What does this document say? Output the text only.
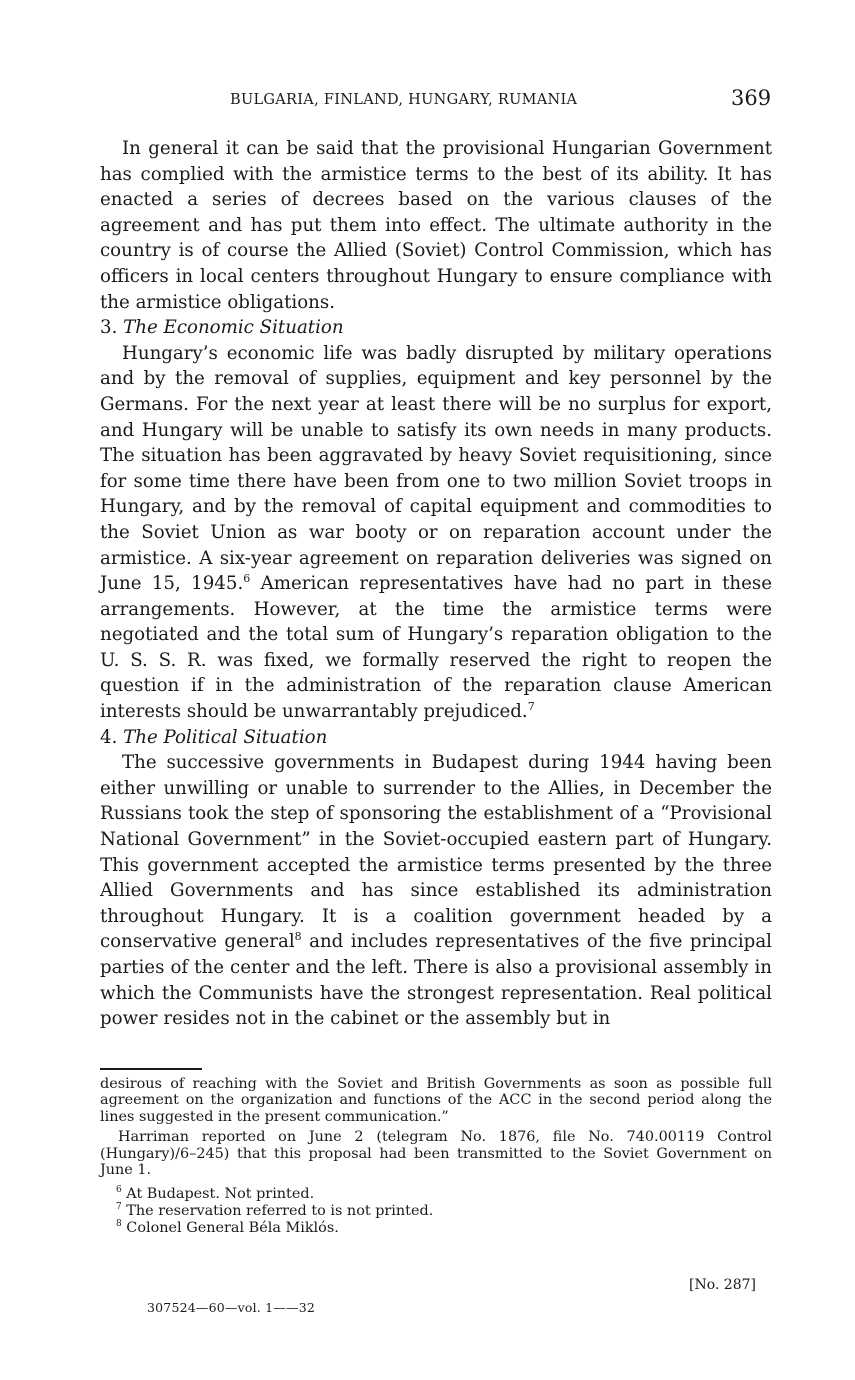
BULGARIA, FINLAND, HUNGARY, RUMANIA	369

In general it can be said that the provisional Hungarian Government has complied with the armistice terms to the best of its ability. It has enacted a series of decrees based on the various clauses of the agreement and has put them into effect. The ultimate authority in the country is of course the Allied (Soviet) Control Commission, which has officers in local centers throughout Hungary to ensure compliance with the armistice obligations.

3. The Economic Situation

Hungary’s economic life was badly disrupted by military operations and by the removal of supplies, equipment and key personnel by the Germans. For the next year at least there will be no surplus for export, and Hungary will be unable to satisfy its own needs in many products. The situation has been aggravated by heavy Soviet requisitioning, since for some time there have been from one to two million Soviet troops in Hungary, and by the removal of capital equipment and commodities to the Soviet Union as war booty or on reparation account under the armistice. A six-year agreement on reparation deliveries was signed on June 15, 1945.$^6$ American representatives have had no part in these arrangements. However, at the time the armistice terms were negotiated and the total sum of Hungary’s reparation obligation to the U. S. S. R. was fixed, we formally reserved the right to reopen the question if in the administration of the reparation clause American interests should be unwarrantably prejudiced.$^7$

4. The Political Situation

The successive governments in Budapest during 1944 having been either unwilling or unable to surrender to the Allies, in December the Russians took the step of sponsoring the establishment of a “Provisional National Government” in the Soviet-occupied eastern part of Hungary. This government accepted the armistice terms presented by the three Allied Governments and has since established its administration throughout Hungary. It is a coalition government headed by a conservative general$^8$ and includes representatives of the five principal parties of the center and the left. There is also a provisional assembly in which the Communists have the strongest representation. Real political power resides not in the cabinet or the assembly but in

desirous of reaching with the Soviet and British Governments as soon as possible full agreement on the organization and functions of the ACC in the second period along the lines suggested in the present communication.”

Harriman reported on June 2 (telegram No. 1876, file No. 740.00119 Control (Hungary)/6–245) that this proposal had been transmitted to the Soviet Government on June 1.

$^6$ At Budapest. Not printed.

$^7$ The reservation referred to is not printed.

$^8$ Colonel General Béla Miklós.

[No. 287]
307524—60—vol. 1——32
